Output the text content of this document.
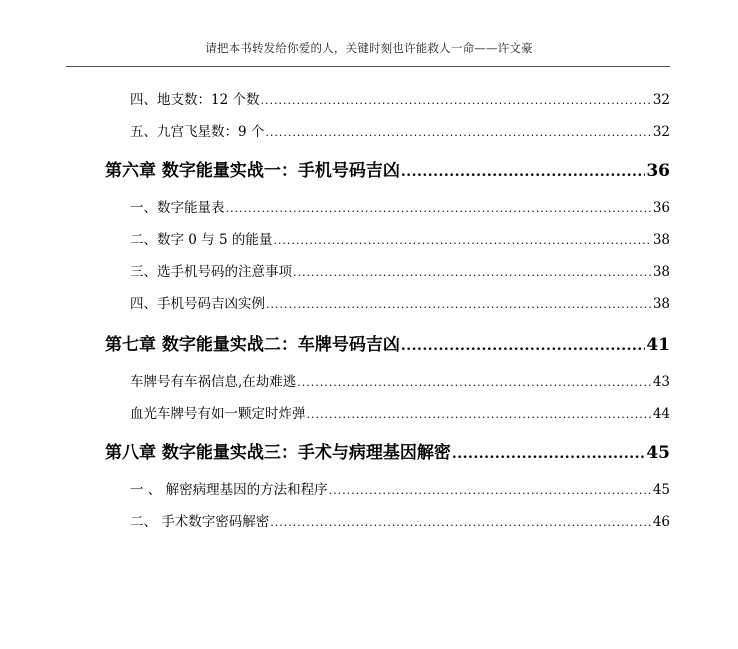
请把本书转发给你爱的人，关键时刻也许能救人一命——许文豪
四、地支数：12 个数 .....	32
五、九宫飞星数：9 个 .....	32
第六章 数字能量实战一：手机号码吉凶 .....	36
一、数字能量表 .....	36
二、数字 0 与 5 的能量 .....	38
三、选手机号码的注意事项 .....	38
四、手机号码吉凶实例 .....	38
第七章 数字能量实战二：车牌号码吉凶 .....	41
车牌号有车祸信息,在劫难逃 .....	43
血光车牌号有如一颗定时炸弹 .....	44
第八章 数字能量实战三：手术与病理基因解密 .....	45
一 、 解密病理基因的方法和程序 .....	45
二、 手术数字密码解密 .....	46
